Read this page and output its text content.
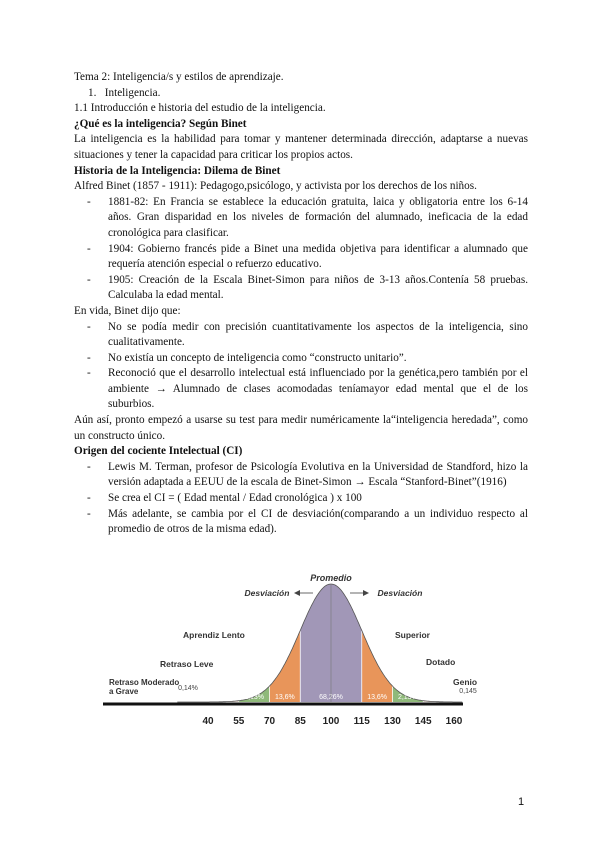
Tema 2: Inteligencia/s y estilos de aprendizaje.
1. Inteligencia.
1.1 Introducción e historia del estudio de la inteligencia.
¿Qué es la inteligencia? Según Binet
La inteligencia es la habilidad para tomar y mantener determinada dirección, adaptarse a nuevas situaciones y tener la capacidad para criticar los propios actos.
Historia de la Inteligencia: Dilema de Binet
Alfred Binet (1857 - 1911): Pedagogo,psicólogo, y activista por los derechos de los niños.
- 1881-82: En Francia se establece la educación gratuita, laica y obligatoria entre los 6-14 años. Gran disparidad en los niveles de formación del alumnado, ineficacia de la edad cronológica para clasificar.
- 1904: Gobierno francés pide a Binet una medida objetiva para identificar a alumnado que requería atención especial o refuerzo educativo.
- 1905: Creación de la Escala Binet-Simon para niños de 3-13 años.Contenía 58 pruebas. Calculaba la edad mental.
En vida, Binet dijo que:
- No se podía medir con precisión cuantitativamente los aspectos de la inteligencia, sino cualitativamente.
- No existía un concepto de inteligencia como “constructo unitario”.
- Reconoció que el desarrollo intelectual está influenciado por la genética,pero también por el ambiente → Alumnado de clases acomodadas teníamayor edad mental que el de los suburbios.
Aún así, pronto empezó a usarse su test para medir numéricamente la“inteligencia heredada”, como un constructo único.
Origen del cociente Intelectual (CI)
- Lewis M. Terman, profesor de Psicología Evolutiva en la Universidad de Standford, hizo la versión adaptada a EEUU de la escala de Binet-Simon → Escala “Stanford-Binet”(1916)
- Se crea el CI = ( Edad mental / Edad cronológica ) x 100
- Más adelante, se cambia por el CI de desviación(comparando a un individuo respecto al promedio de otros de la misma edad).
40 55 70 85 100 115 130 145 160
0,14%
2,13% 13,6%	68,26%	13,6% 2,13%
0,145
Promedio
Desviación	Desviación
Aprendiz Lento
Retraso Leve
Retraso Moderado
a Grave
Superior
Dotado
Genio
1
